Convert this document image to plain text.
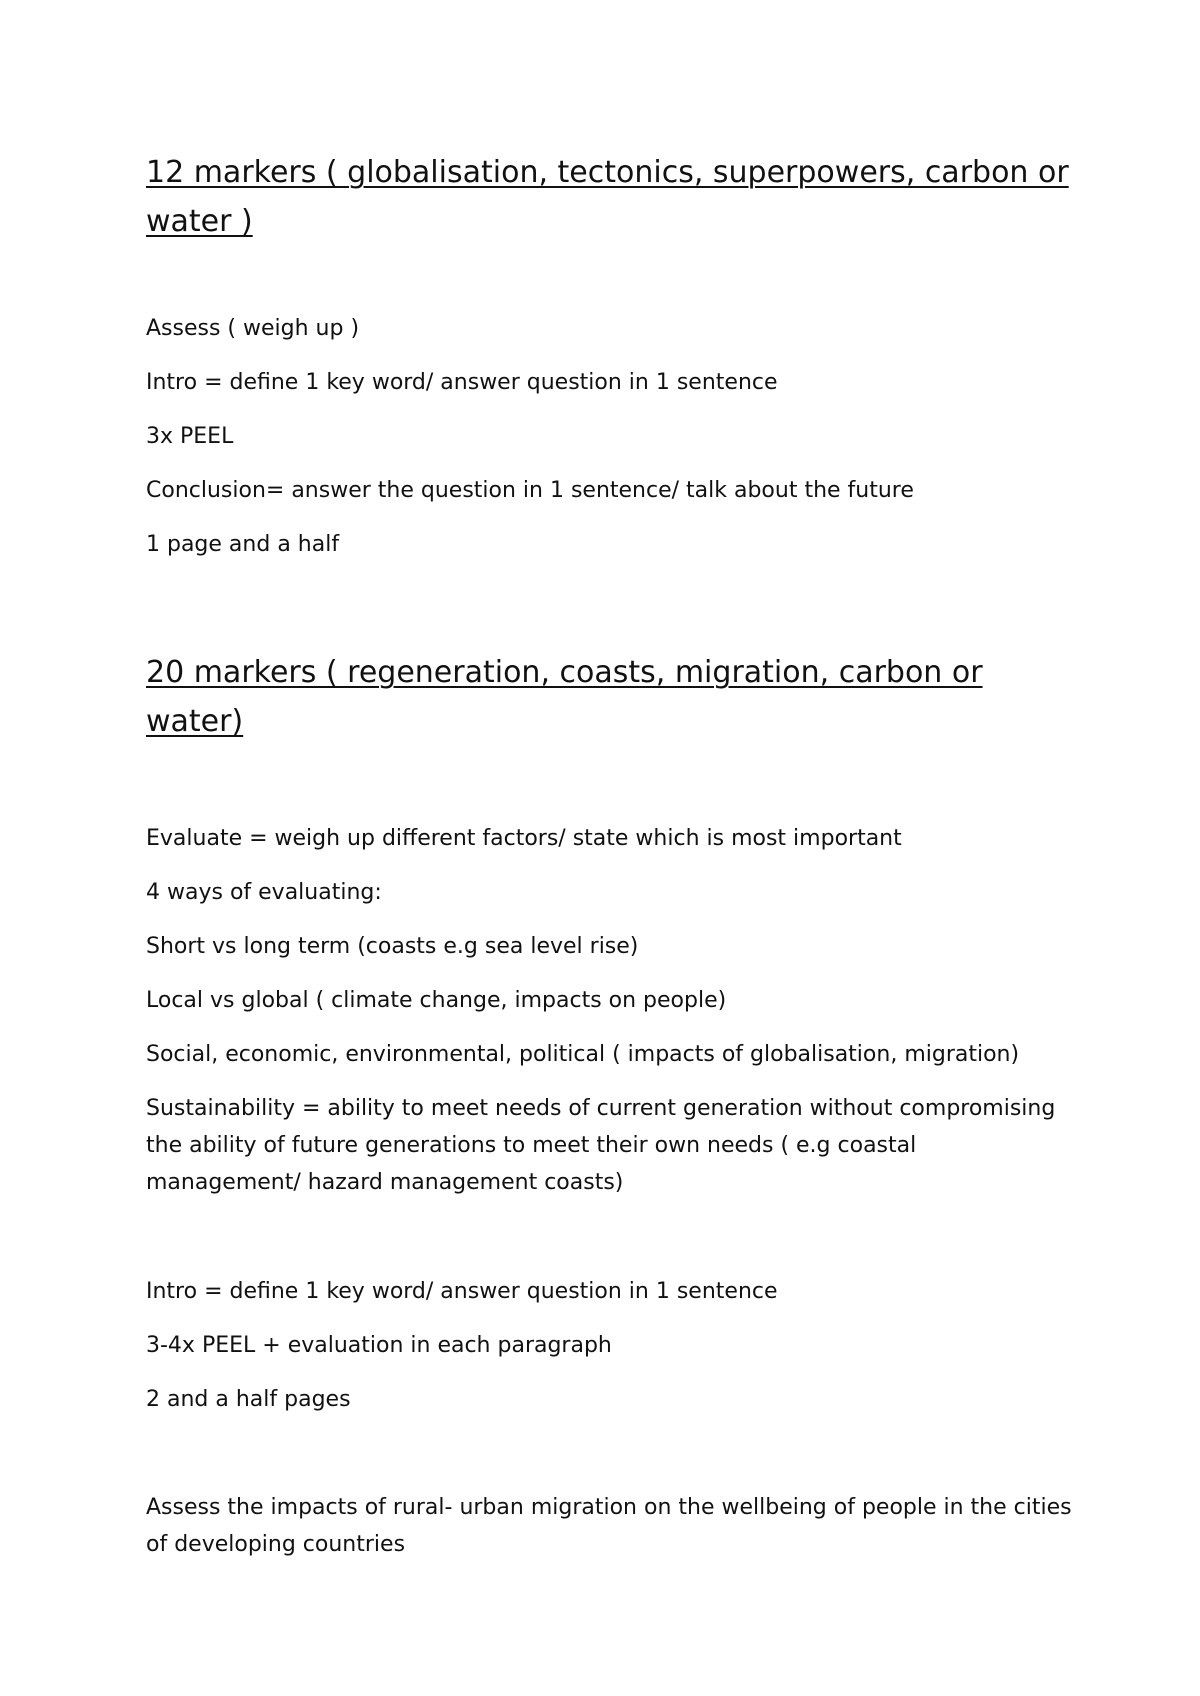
12 markers ( globalisation, tectonics, superpowers, carbon or water )

Assess ( weigh up )

Intro = define 1 key word/ answer question in 1 sentence

3x PEEL

Conclusion= answer the question in 1 sentence/ talk about the future

1 page and a half

20 markers ( regeneration, coasts, migration, carbon or water)

Evaluate = weigh up different factors/ state which is most important

4 ways of evaluating:

Short vs long term (coasts e.g sea level rise)

Local vs global ( climate change, impacts on people)

Social, economic, environmental, political ( impacts of globalisation, migration)

Sustainability = ability to meet needs of current generation without compromising the ability of future generations to meet their own needs ( e.g coastal management/ hazard management coasts)

Intro = define 1 key word/ answer question in 1 sentence

3-4x PEEL + evaluation in each paragraph

2 and a half pages

Assess the impacts of rural- urban migration on the wellbeing of people in the cities of developing countries
